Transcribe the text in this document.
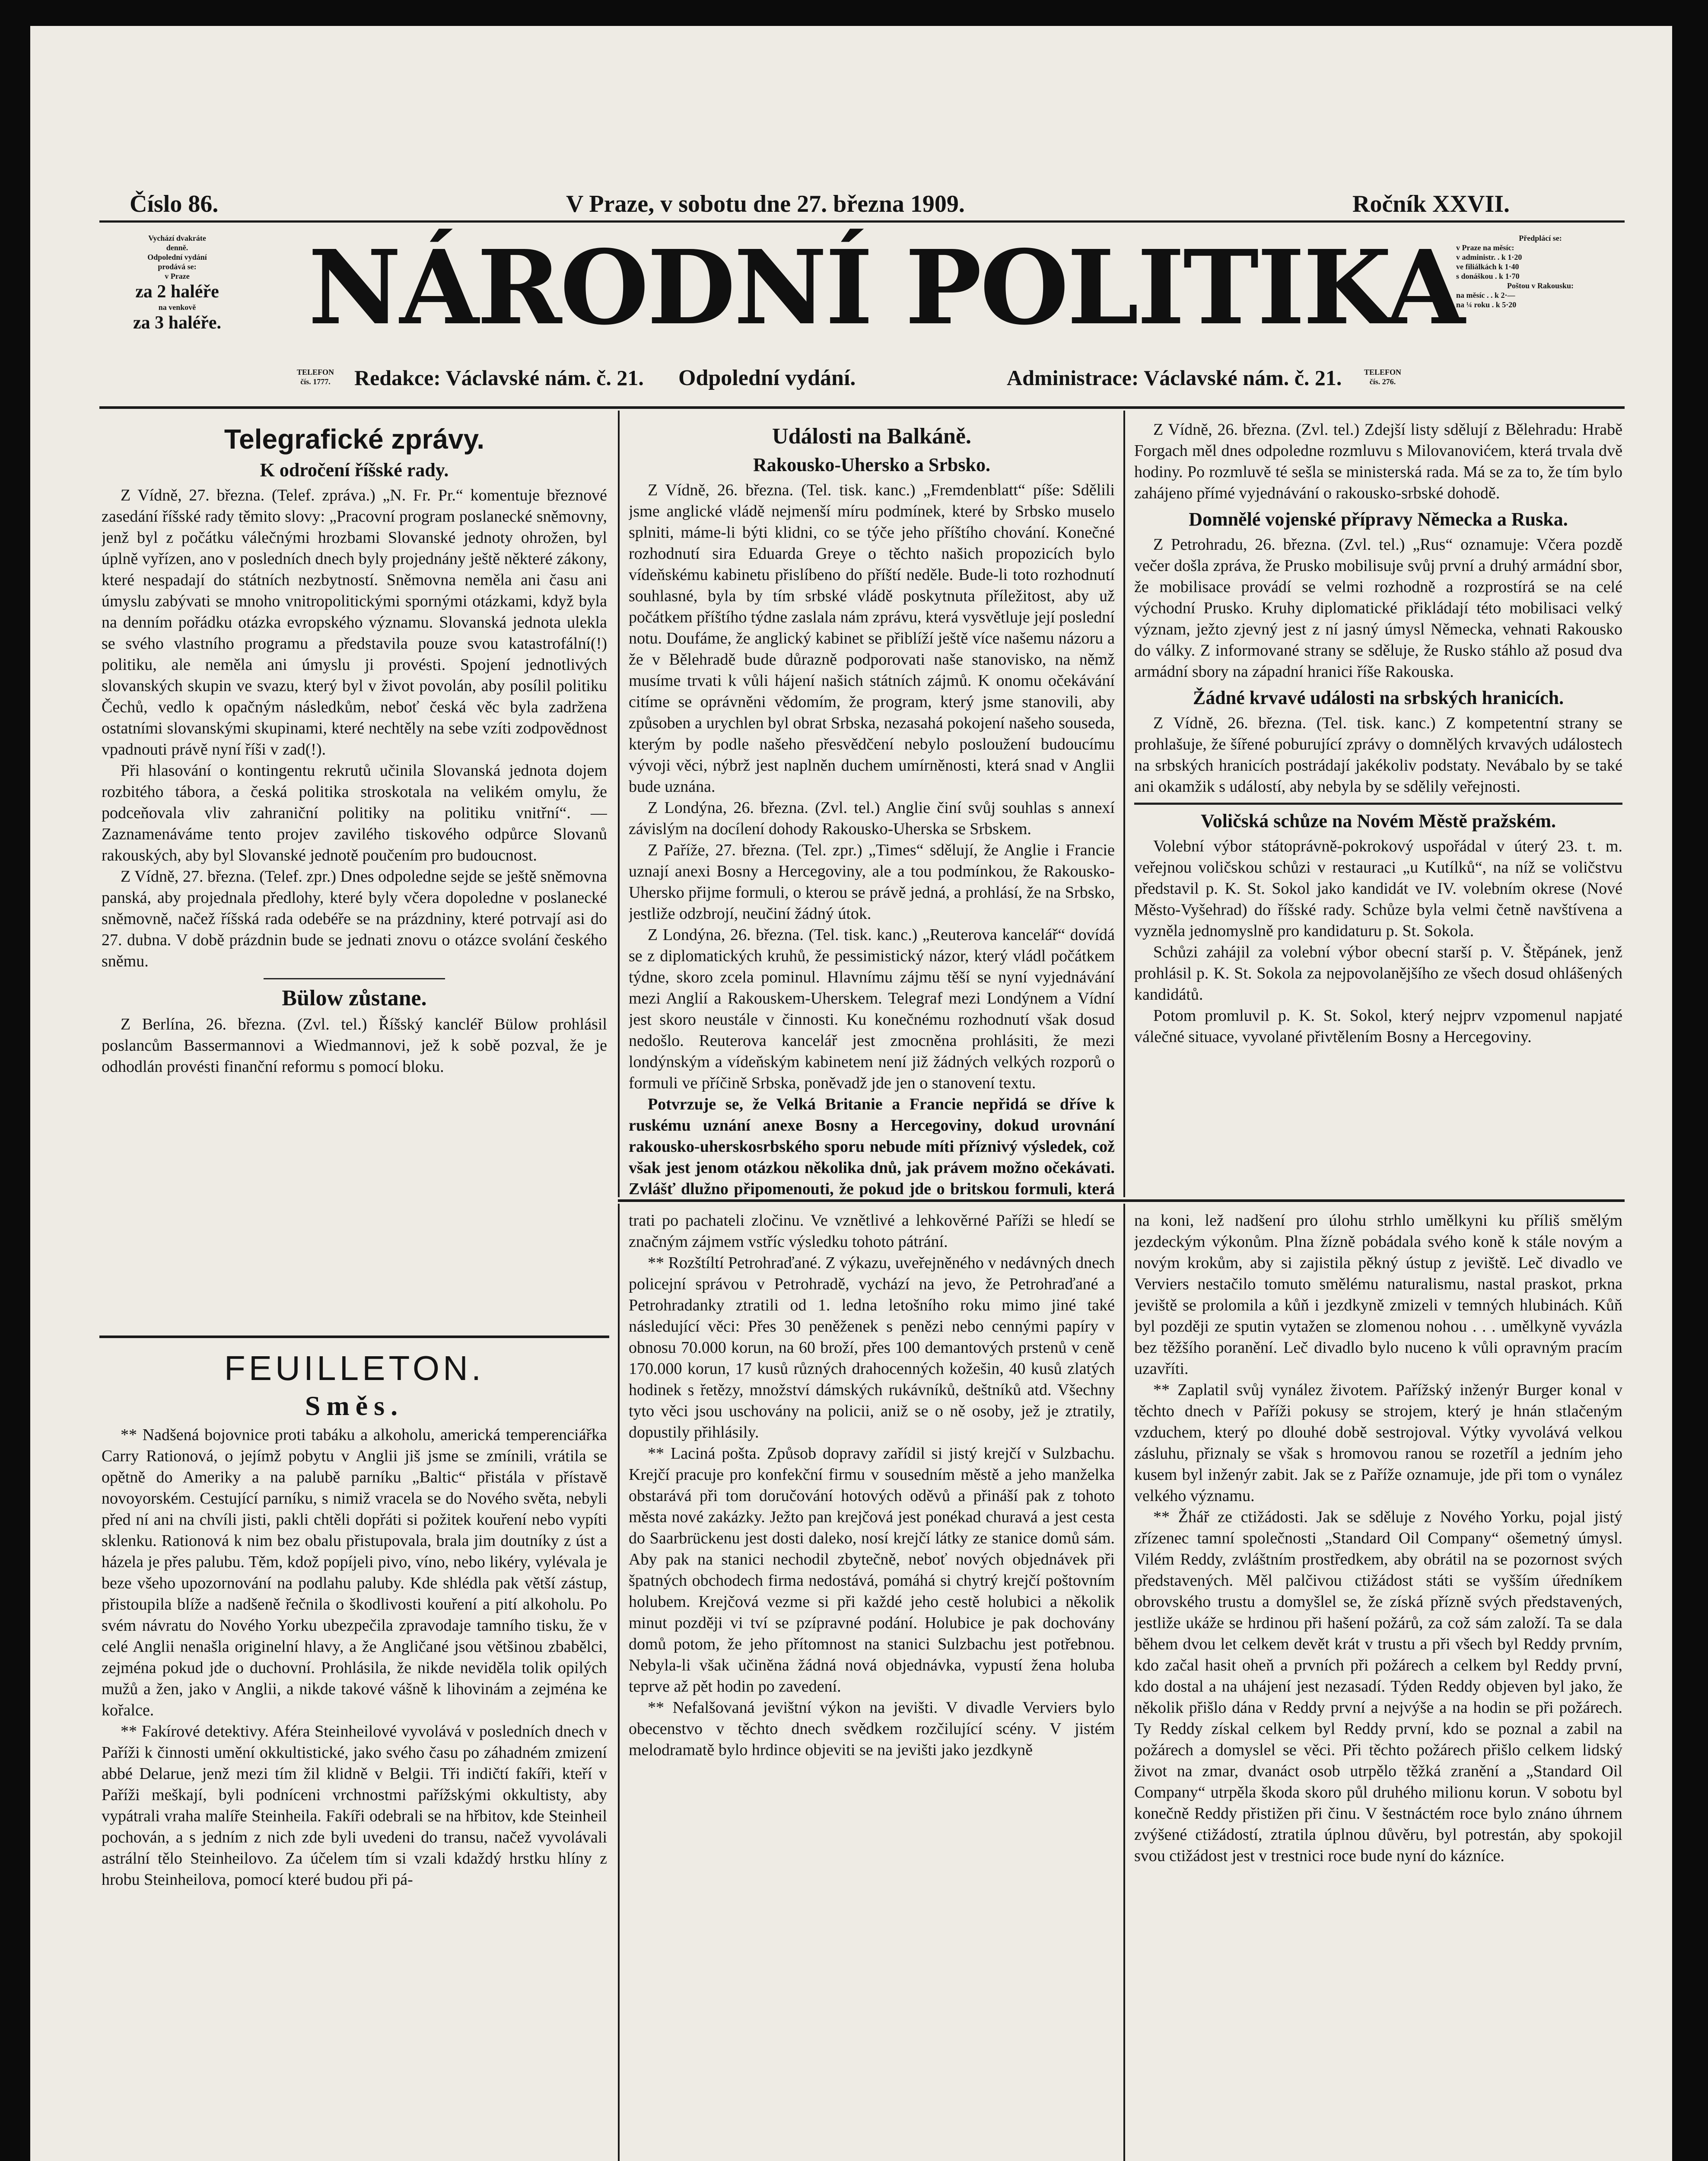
Číslo 86.	V Praze, v sobotu dne 27. března 1909.	Ročník XXVII.
Vychází dvakráte
denně.
Odpolední vydání
prodává se:
v Praze
za 2 haléře
na venkově
za 3 haléře. NÁRODNÍ POLITIKA	Předplácí se:
v Praze na měsíc:
v administr. . k 1·20
ve filiálkách k 1·40
s donáškou . k 1·70
Poštou v Rakousku:
na měsíc . . k 2·—
na ¼ roku . k 5·20
TELEFON
čís. 1777.	Redakce: Václavské nám. č. 21. Odpolední vydání.	Administrace: Václavské nám. č. 21.	TELEFON
čís. 276.
Telegrafické zprávy.
K odročení říšské rady.

Z Vídně, 27. března. (Telef. zpráva.) „N. Fr. Pr.“ komentuje březnové zasedání říšské rady těmito slovy: „Pracovní program poslanecké sněmovny, jenž byl z počátku válečnými hrozbami Slovanské jednoty ohrožen, byl úplně vyřízen, ano v posledních dnech byly projednány ještě některé zákony, které nespadají do státních nezbytností. Sněmovna neměla ani času ani úmyslu zabývati se mnoho vnitropolitickými spornými otázkami, když byla na denním pořádku otázka evropského významu. Slovanská jednota ulekla se svého vlastního programu a představila pouze svou katastrofální(!) politiku, ale neměla ani úmyslu ji provésti. Spojení jednotlivých slovanských skupin ve svazu, který byl v život povolán, aby posílil politiku Čechů, vedlo k opačným následkům, neboť česká věc byla zadržena ostatními slovanskými skupinami, které nechtěly na sebe vzíti zodpovědnost vpadnouti právě nyní říši v zad(!).

Při hlasování o kontingentu rekrutů učinila Slovanská jednota dojem rozbitého tábora, a česká politika stroskotala na velikém omylu, že podceňovala vliv zahraniční politiky na politiku vnitřní“. — Zaznamenáváme tento projev zavilého tiskového odpůrce Slovanů rakouských, aby byl Slovanské jednotě poučením pro budoucnost.

Z Vídně, 27. března. (Telef. zpr.) Dnes odpoledne sejde se ještě sněmovna panská, aby projednala předlohy, které byly včera dopoledne v poslanecké sněmovně, načež říšská rada odebéře se na prázdniny, které potrvají asi do 27. dubna. V době prázdnin bude se jednati znovu o otázce svolání českého sněmu.

Bülow zůstane.

Z Berlína, 26. března. (Zvl. tel.) Říšský kancléř Bülow prohlásil poslancům Bassermannovi a Wiedmannovi, jež k sobě pozval, že je odhodlán provésti finanční reformu s pomocí bloku.

Události na Balkáně.
Rakousko-Uhersko a Srbsko.

Z Vídně, 26. března. (Tel. tisk. kanc.) „Fremdenblatt“ píše: Sdělili jsme anglické vládě nejmenší míru podmínek, které by Srbsko muselo splniti, máme-li býti klidni, co se týče jeho příštího chování. Konečné rozhodnutí sira Eduarda Greye o těchto našich propozicích bylo vídeňskému kabinetu přislíbeno do příští neděle. Bude-li toto rozhodnutí souhlasné, byla by tím srbské vládě poskytnuta příležitost, aby už počátkem příštího týdne zaslala nám zprávu, která vysvětluje její poslední notu. Doufáme, že anglický kabinet se přiblíží ještě více našemu názoru a že v Bělehradě bude důrazně podporovati naše stanovisko, na němž musíme trvati k vůli hájení našich státních zájmů. K onomu očekávání citíme se oprávněni vědomím, že program, který jsme stanovili, aby způsoben a urychlen byl obrat Srbska, nezasahá pokojení našeho souseda, kterým by podle našeho přesvědčení nebylo posloužení budoucímu vývoji věci, nýbrž jest naplněn duchem umírněnosti, která snad v Anglii bude uznána.

Z Londýna, 26. března. (Zvl. tel.) Anglie činí svůj souhlas s annexí závislým na docílení dohody Rakousko-Uherska se Srbskem.

Z Paříže, 27. března. (Tel. zpr.) „Times“ sdělují, že Anglie i Francie uznají anexi Bosny a Hercegoviny, ale a tou podmínkou, že Rakousko-Uhersko přijme formuli, o kterou se právě jedná, a prohlásí, že na Srbsko, jestliže odzbrojí, neučiní žádný útok.

Z Londýna, 26. března. (Tel. tisk. kanc.) „Reuterova kancelář“ dovídá se z diplomatických kruhů, že pessimistický názor, který vládl počátkem týdne, skoro zcela pominul. Hlavnímu zájmu těší se nyní vyjednávání mezi Anglií a Rakouskem-Uherskem. Telegraf mezi Londýnem a Vídní jest skoro neustále v činnosti. Ku konečnému rozhodnutí však dosud nedošlo. Reuterova kancelář jest zmocněna prohlásiti, že mezi londýnským a vídeňským kabinetem není již žádných velkých rozporů o formuli ve příčině Srbska, poněvadž jde jen o stanovení textu.

Potvrzuje se, že Velká Britanie a Francie nepřidá se dříve k ruskému uznání anexe Bosny a Hercegoviny, dokud urovnání rakousko-uherskosrbského sporu nebude míti příznivý výsledek, což však jest jenom otázkou několika dnů, jak právem možno očekávati. Zvlášť dlužno připomenouti, že pokud jde o britskou formuli, která

Z Vídně, 26. března. (Zvl. tel.) Zdejší listy sdělují z Bělehradu: Hrabě Forgach měl dnes odpoledne rozmluvu s Milovanovićem, která trvala dvě hodiny. Po rozmluvě té sešla se ministerská rada. Má se za to, že tím bylo zahájeno přímé vyjednávání o rakousko-srbské dohodě.

Domnělé vojenské přípravy Německa a Ruska.

Z Petrohradu, 26. března. (Zvl. tel.) „Rus“ oznamuje: Včera pozdě večer došla zpráva, že Prusko mobilisuje svůj první a druhý armádní sbor, že mobilisace provádí se velmi rozhodně a rozprostírá se na celé východní Prusko. Kruhy diplomatické přikládají této mobilisaci velký význam, ježto zjevný jest z ní jasný úmysl Německa, vehnati Rakousko do války. Z informované strany se sděluje, že Rusko stáhlo až posud dva armádní sbory na západní hranici říše Rakouska.

Žádné krvavé události na srbských hranicích.

Z Vídně, 26. března. (Tel. tisk. kanc.) Z kompetentní strany se prohlašuje, že šířené poburující zprávy o domnělých krvavých událostech na srbských hranicích postrádají jakékoliv podstaty. Nevábalo by se také ani okamžik s událostí, aby nebyla by se sdělily veřejnosti.

Voličská schůze na Novém Městě pražském.

Volební výbor státoprávně-pokrokový uspořádal v úterý 23. t. m. veřejnou voličskou schůzi v restauraci „u Kutílků“, na níž se voličstvu představil p. K. St. Sokol jako kandidát ve IV. volebním okrese (Nové Město-Vyšehrad) do říšské rady. Schůze byla velmi četně navštívena a vyzněla jednomyslně pro kandidaturu p. St. Sokola.

Schůzi zahájil za volební výbor obecní starší p. V. Štěpánek, jenž prohlásil p. K. St. Sokola za nejpovolanějšího ze všech dosud ohlášených kandidátů.

Potom promluvil p. K. St. Sokol, který nejprv vzpomenul napjaté válečné situace, vyvolané přivtělením Bosny a Hercegoviny.

FEUILLETON.
Směs.

** Nadšená bojovnice proti tabáku a alkoholu, americká temperenciářka Carry Rationová, o jejímž pobytu v Anglii jiš jsme se zmínili, vrátila se opětně do Ameriky a na palubě parníku „Baltic“ přistála v přístavě novoyorském. Cestující parníku, s nimiž vracela se do Nového světa, nebyli před ní ani na chvíli jisti, pakli chtěli dopřáti si požitek kouření nebo vypíti sklenku. Rationová k nim bez obalu přistupovala, brala jim doutníky z úst a házela je přes palubu. Těm, kdož popíjeli pivo, víno, nebo likéry, vylévala je beze všeho upozornování na podlahu paluby. Kde shlédla pak větší zástup, přistoupila blíže a nadšeně řečnila o škodlivosti kouření a pití alkoholu. Po svém návratu do Nového Yorku ubezpečila zpravodaje tamního tisku, že v celé Anglii nenašla originelní hlavy, a že Angličané jsou většinou zbabělci, zejména pokud jde o duchovní. Prohlásila, že nikde neviděla tolik opilých mužů a žen, jako v Anglii, a nikde takové vášně k lihovinám a zejména ke kořalce.

** Fakírové detektivy. Aféra Steinheilové vyvolává v posledních dnech v Paříži k činnosti umění okkultistické, jako svého času po záhadném zmizení abbé Delarue, jenž mezi tím žil klidně v Belgii. Tři indičtí fakíři, kteří v Paříži meškají, byli podníceni vrchnostmi pařížskými okkultisty, aby vypátrali vraha malíře Steinheila. Fakíři odebrali se na hřbitov, kde Steinheil pochován, a s jedním z nich zde byli uvedeni do transu, načež vyvolávali astrální tělo Steinheilovo. Za účelem tím si vzali kdaždý hrstku hlíny z hrobu Steinheilova, pomocí které budou při pá-

trati po pachateli zločinu. Ve vznětlivé a lehkověrné Paříži se hledí se značným zájmem vstříc výsledku tohoto pátrání.

** Rozštíltí Petrohraďané. Z výkazu, uveřejněného v nedávných dnech policejní správou v Petrohradě, vychází na jevo, že Petrohraďané a Petrohradanky ztratili od 1. ledna letošního roku mimo jiné také následující věci: Přes 30 peněženek s penězi nebo cennými papíry v obnosu 70.000 korun, na 60 broží, přes 100 demantových prstenů v ceně 170.000 korun, 17 kusů různých drahocenných kožešin, 40 kusů zlatých hodinek s řetězy, množství dámských rukávníků, deštníků atd. Všechny tyto věci jsou uschovány na policii, aniž se o ně osoby, jež je ztratily, dopustily přihlásily.

** Laciná pošta. Způsob dopravy zařídil si jistý krejčí v Sulzbachu. Krejčí pracuje pro konfekční firmu v sousedním městě a jeho manželka obstarává při tom doručování hotových oděvů a přináší pak z tohoto města nové zakázky. Ježto pan krejčová jest ponékad churavá a jest cesta do Saarbrückenu jest dosti daleko, nosí krejčí látky ze stanice domů sám. Aby pak na stanici nechodil zbytečně, neboť nových objednávek při špatných obchodech firma nedostává, pomáhá si chytrý krejčí poštovním holubem. Krejčová vezme si při každé jeho cestě holubici a několik minut později vi tví se pzípravné podání. Holubice je pak dochovány domů potom, že jeho přítomnost na stanici Sulzbachu jest potřebnou. Nebyla-li však učiněna žádná nová objednávka, vypustí žena holuba teprve až pět hodin po zavedení.

** Nefalšovaná jevištní výkon na jevišti. V divadle Verviers bylo obecenstvo v těchto dnech svědkem rozčilující scény. V jistém melodramatě bylo hrdince objeviti se na jevišti jako jezdkyně

na koni, lež nadšení pro úlohu strhlo umělkyni ku příliš smělým jezdeckým výkonům. Plna žízně pobádala svého koně k stále novým a novým krokům, aby si zajistila pěkný ústup z jeviště. Leč divadlo ve Verviers nestačilo tomuto smělému naturalismu, nastal praskot, prkna jeviště se prolomila a kůň i jezdkyně zmizeli v temných hlubinách. Kůň byl později ze sputin vytažen se zlomenou nohou . . . umělkyně vyvázla bez těžšího poranění. Leč divadlo bylo nuceno k vůli opravným pracím uzavříti.

** Zaplatil svůj vynález životem. Pařížský inženýr Burger konal v těchto dnech v Paříži pokusy se strojem, který je hnán stlačeným vzduchem, který po dlouhé době sestrojoval. Výtky vyvolává velkou zásluhu, přiznaly se však s hromovou ranou se rozetříl a jedním jeho kusem byl inženýr zabit. Jak se z Paříže oznamuje, jde při tom o vynález velkého významu.

** Žhář ze ctižádosti. Jak se sděluje z Nového Yorku, pojal jistý zřízenec tamní společnosti „Standard Oil Company“ ošemetný úmysl. Vilém Reddy, zvláštním prostředkem, aby obrátil na se pozornost svých představených. Měl palčivou ctižádost státi se vyšším úředníkem obrovského trustu a domyšlel se, že získá přízně svých představených, jestliže ukáže se hrdinou při hašení požárů, za což sám založí. Ta se dala během dvou let celkem devět krát v trustu a při všech byl Reddy prvním, kdo začal hasit oheň a prvních při požárech a celkem byl Reddy první, kdo dostal a na uhájení jest nezasadí. Týden Reddy objeven byl jako, že několik přišlo dána v Reddy první a nejvýše a na hodin se při požárech. Ty Reddy získal celkem byl Reddy první, kdo se poznal a zabil na požárech a domyslel se věci. Při těchto požárech přišlo celkem lidský život na zmar, dvanáct osob utrpělo těžká zranění a „Standard Oil Company“ utrpěla škoda skoro půl druhého milionu korun. V sobotu byl konečně Reddy přistižen při činu. V šestnáctém roce bylo znáno úhrnem zvýšené ctižádostí, ztratila úplnou důvěru, byl potrestán, aby spokojil svou ctižádost jest v trestnici roce bude nyní do kázníce.
